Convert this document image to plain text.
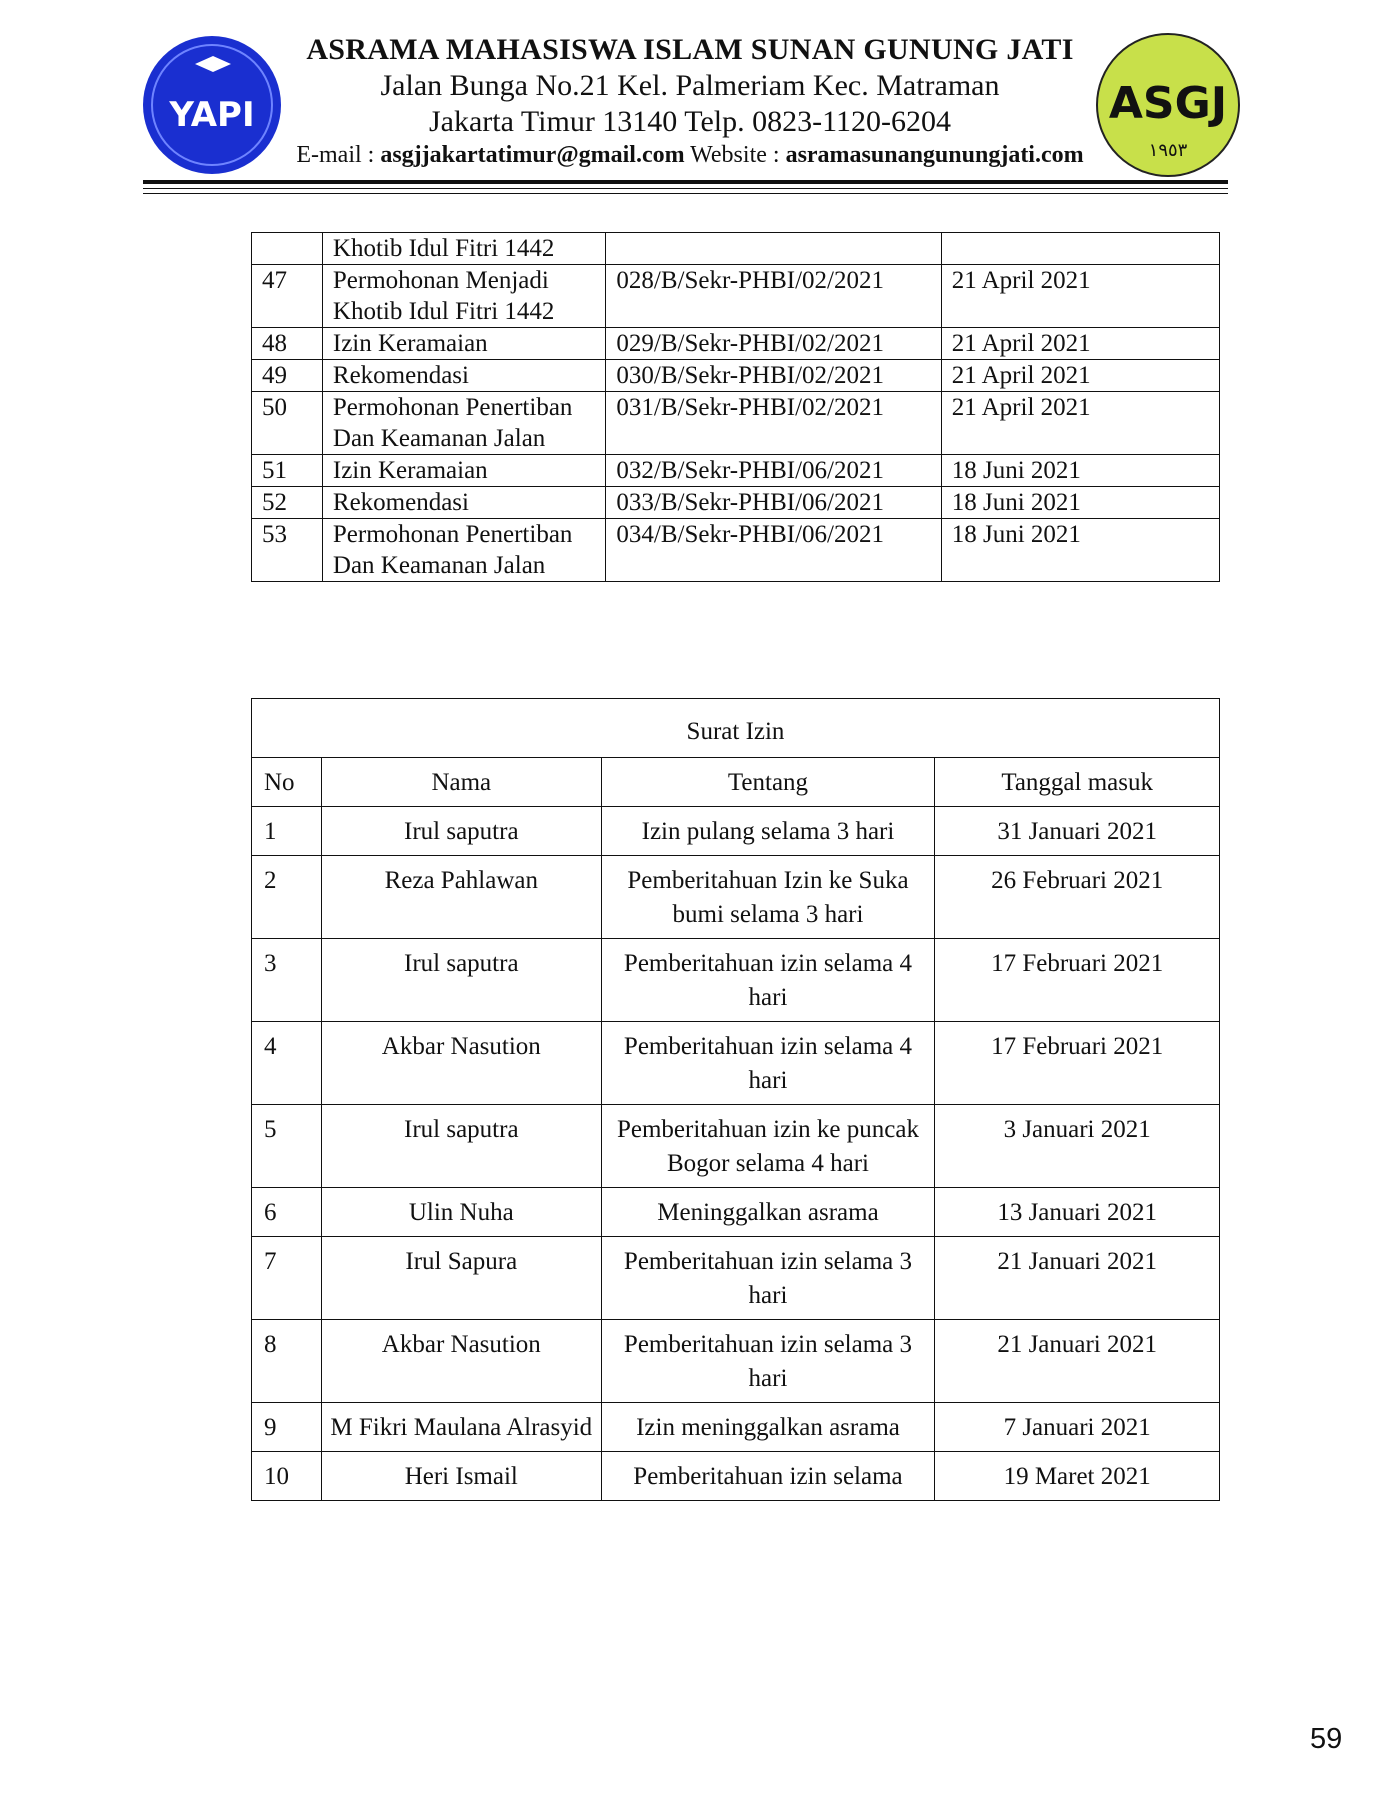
YAPI
ASRAMA MAHASISWA ISLAM SUNAN GUNUNG JATI
Jalan Bunga No.21 Kel. Palmeriam Kec. Matraman
Jakarta Timur 13140 Telp. 0823-1120-6204
E-mail : asgjjakartatimur@gmail.com Website : asramasunangunungjati.com
ASGJ
١٩٥٣
	Khotib Idul Fitri 1442		
47	Permohonan Menjadi Khotib Idul Fitri 1442	028/B/Sekr-PHBI/02/2021	21 April 2021
48	Izin Keramaian	029/B/Sekr-PHBI/02/2021	21 April 2021
49	Rekomendasi	030/B/Sekr-PHBI/02/2021	21 April 2021
50	Permohonan Penertiban Dan Keamanan Jalan	031/B/Sekr-PHBI/02/2021	21 April 2021
51	Izin Keramaian	032/B/Sekr-PHBI/06/2021	18 Juni 2021
52	Rekomendasi	033/B/Sekr-PHBI/06/2021	18 Juni 2021
53	Permohonan Penertiban Dan Keamanan Jalan	034/B/Sekr-PHBI/06/2021	18 Juni 2021
Surat Izin			
No	Nama	Tentang	Tanggal masuk
1	Irul saputra	Izin pulang selama 3 hari	31 Januari 2021
2	Reza Pahlawan	Pemberitahuan Izin ke Suka bumi selama 3 hari	26 Februari 2021
3	Irul saputra	Pemberitahuan izin selama 4 hari	17 Februari 2021
4	Akbar Nasution	Pemberitahuan izin selama 4 hari	17 Februari 2021
5	Irul saputra	Pemberitahuan izin ke puncak Bogor selama 4 hari	3 Januari 2021
6	Ulin Nuha	Meninggalkan asrama	13 Januari 2021
7	Irul Sapura	Pemberitahuan izin selama 3 hari	21 Januari 2021
8	Akbar Nasution	Pemberitahuan izin selama 3 hari	21 Januari 2021
9	M Fikri Maulana Alrasyid	Izin meninggalkan asrama	7 Januari 2021
10	Heri Ismail	Pemberitahuan izin selama	19 Maret 2021
59
